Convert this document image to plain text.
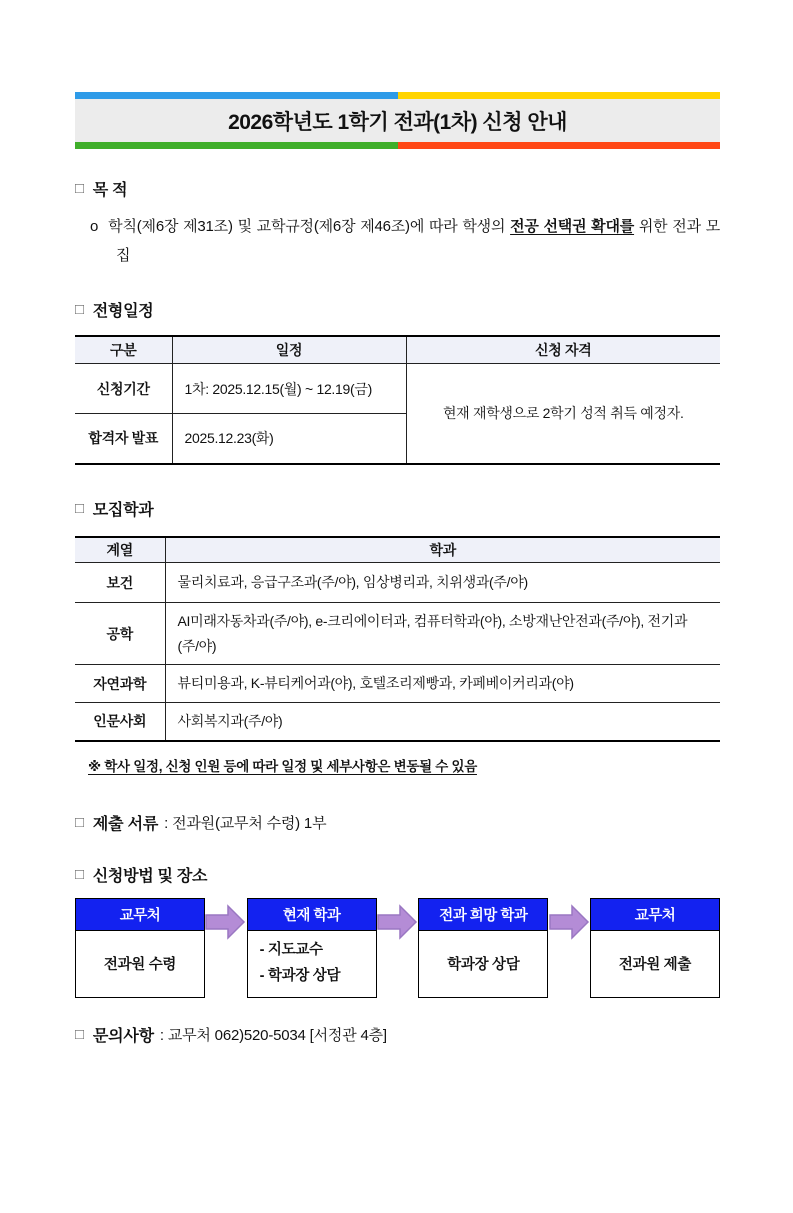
2026학년도 1학기 전과(1차) 신청 안내
□ 목 적

o 학칙(제6장 제31조) 및 교학규정(제6장 제46조)에 따라 학생의 전공 선택권 확대를 위한 전과 모집

□ 전형일정
구분	일정	신청 자격
신청기간	1차: 2025.12.15(월) ~ 12.19(금)	현재 재학생으로 2학기 성적 취득 예정자.
합격자 발표	2025.12.23(화)	
□ 모집학과
계열	학과
보건	물리치료과, 응급구조과(주/야), 임상병리과, 치위생과(주/야)
공학	AI미래자동차과(주/야), e-크리에이터과, 컴퓨터학과(야), 소방재난안전과(주/야), 전기과(주/야)
자연과학	뷰티미용과, K-뷰티케어과(야), 호텔조리제빵과, 카페베이커리과(야)
인문사회	사회복지과(주/야)
※ 학사 일정, 신청 인원 등에 따라 일정 및 세부사항은 변동될 수 있음
□ 제출 서류 : 전과원(교무처 수령) 1부
□ 신청방법 및 장소
교무처
전과원 수령
현재 학과
- 지도교수
- 학과장 상담
전과 희망 학과
학과장 상담
교무처
전과원 제출
□ 문의사항 : 교무처 062)520-5034 [서정관 4층]
